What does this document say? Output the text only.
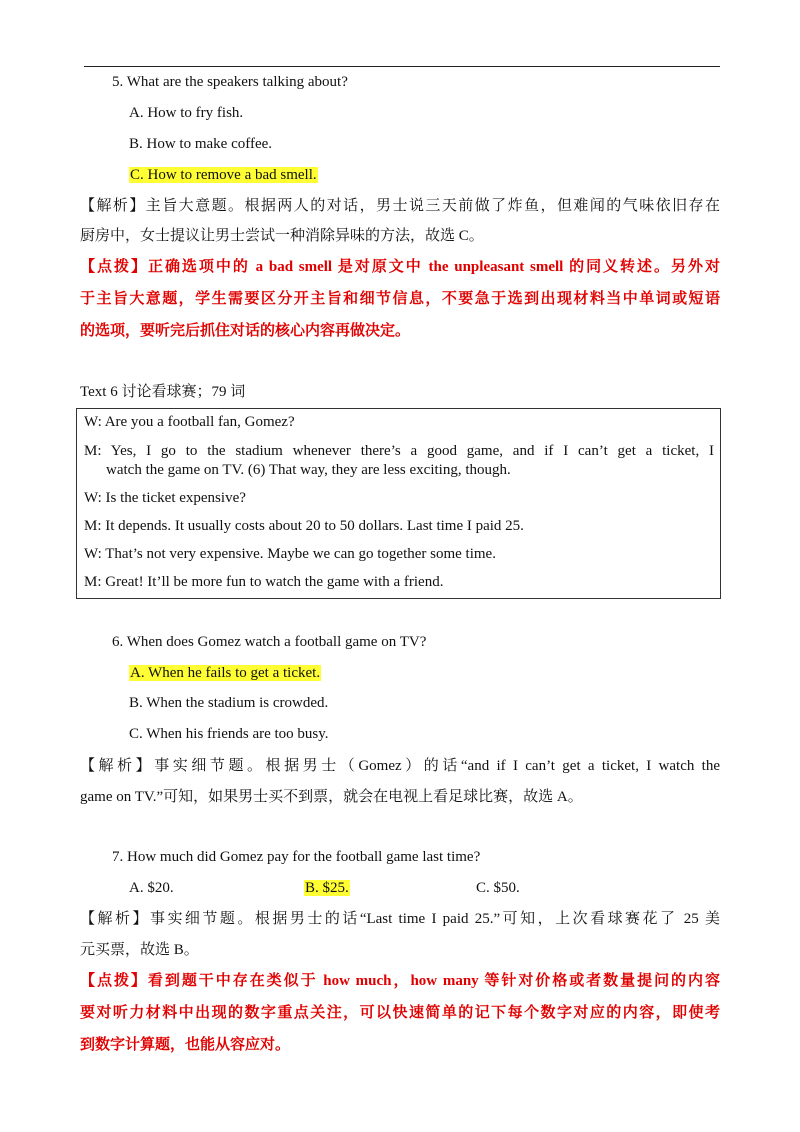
5. What are the speakers talking about?
A. How to fry fish.
B. How to make coffee.
C. How to remove a bad smell.
【解析】主旨大意题。根据两人的对话，男士说三天前做了炸鱼，但难闻的气味依旧存在
厨房中，女士提议让男士尝试一种消除异味的方法，故选 C。
【点拨】正确选项中的 a bad smell 是对原文中 the unpleasant smell 的同义转述。另外对
于主旨大意题，学生需要区分开主旨和细节信息，不要急于选到出现材料当中单词或短语
的选项，要听完后抓住对话的核心内容再做决定。
Text 6 讨论看球赛；79 词
W: Are you a football fan, Gomez?
M: Yes, I go to the stadium whenever there’s a good game, and if I can’t get a ticket, I
watch the game on TV. (6) That way, they are less exciting, though.
W: Is the ticket expensive?
M: It depends. It usually costs about 20 to 50 dollars. Last time I paid 25.
W: That’s not very expensive. Maybe we can go together some time.
M: Great! It’ll be more fun to watch the game with a friend.
6. When does Gomez watch a football game on TV?
A. When he fails to get a ticket.
B. When the stadium is crowded.
C. When his friends are too busy.
【解析】事实细节题。根据男士（Gomez）的话“and if I can’t get a ticket, I watch the
game on TV.”可知，如果男士买不到票，就会在电视上看足球比赛，故选 A。
7. How much did Gomez pay for the football game last time?
A. $20.	B. $25.	C. $50.
【解析】事实细节题。根据男士的话“Last time I paid 25.”可知，上次看球赛花了 25 美
元买票，故选 B。
【点拨】看到题干中存在类似于 how much，how many 等针对价格或者数量提问的内容
要对听力材料中出现的数字重点关注，可以快速简单的记下每个数字对应的内容，即使考
到数字计算题，也能从容应对。
